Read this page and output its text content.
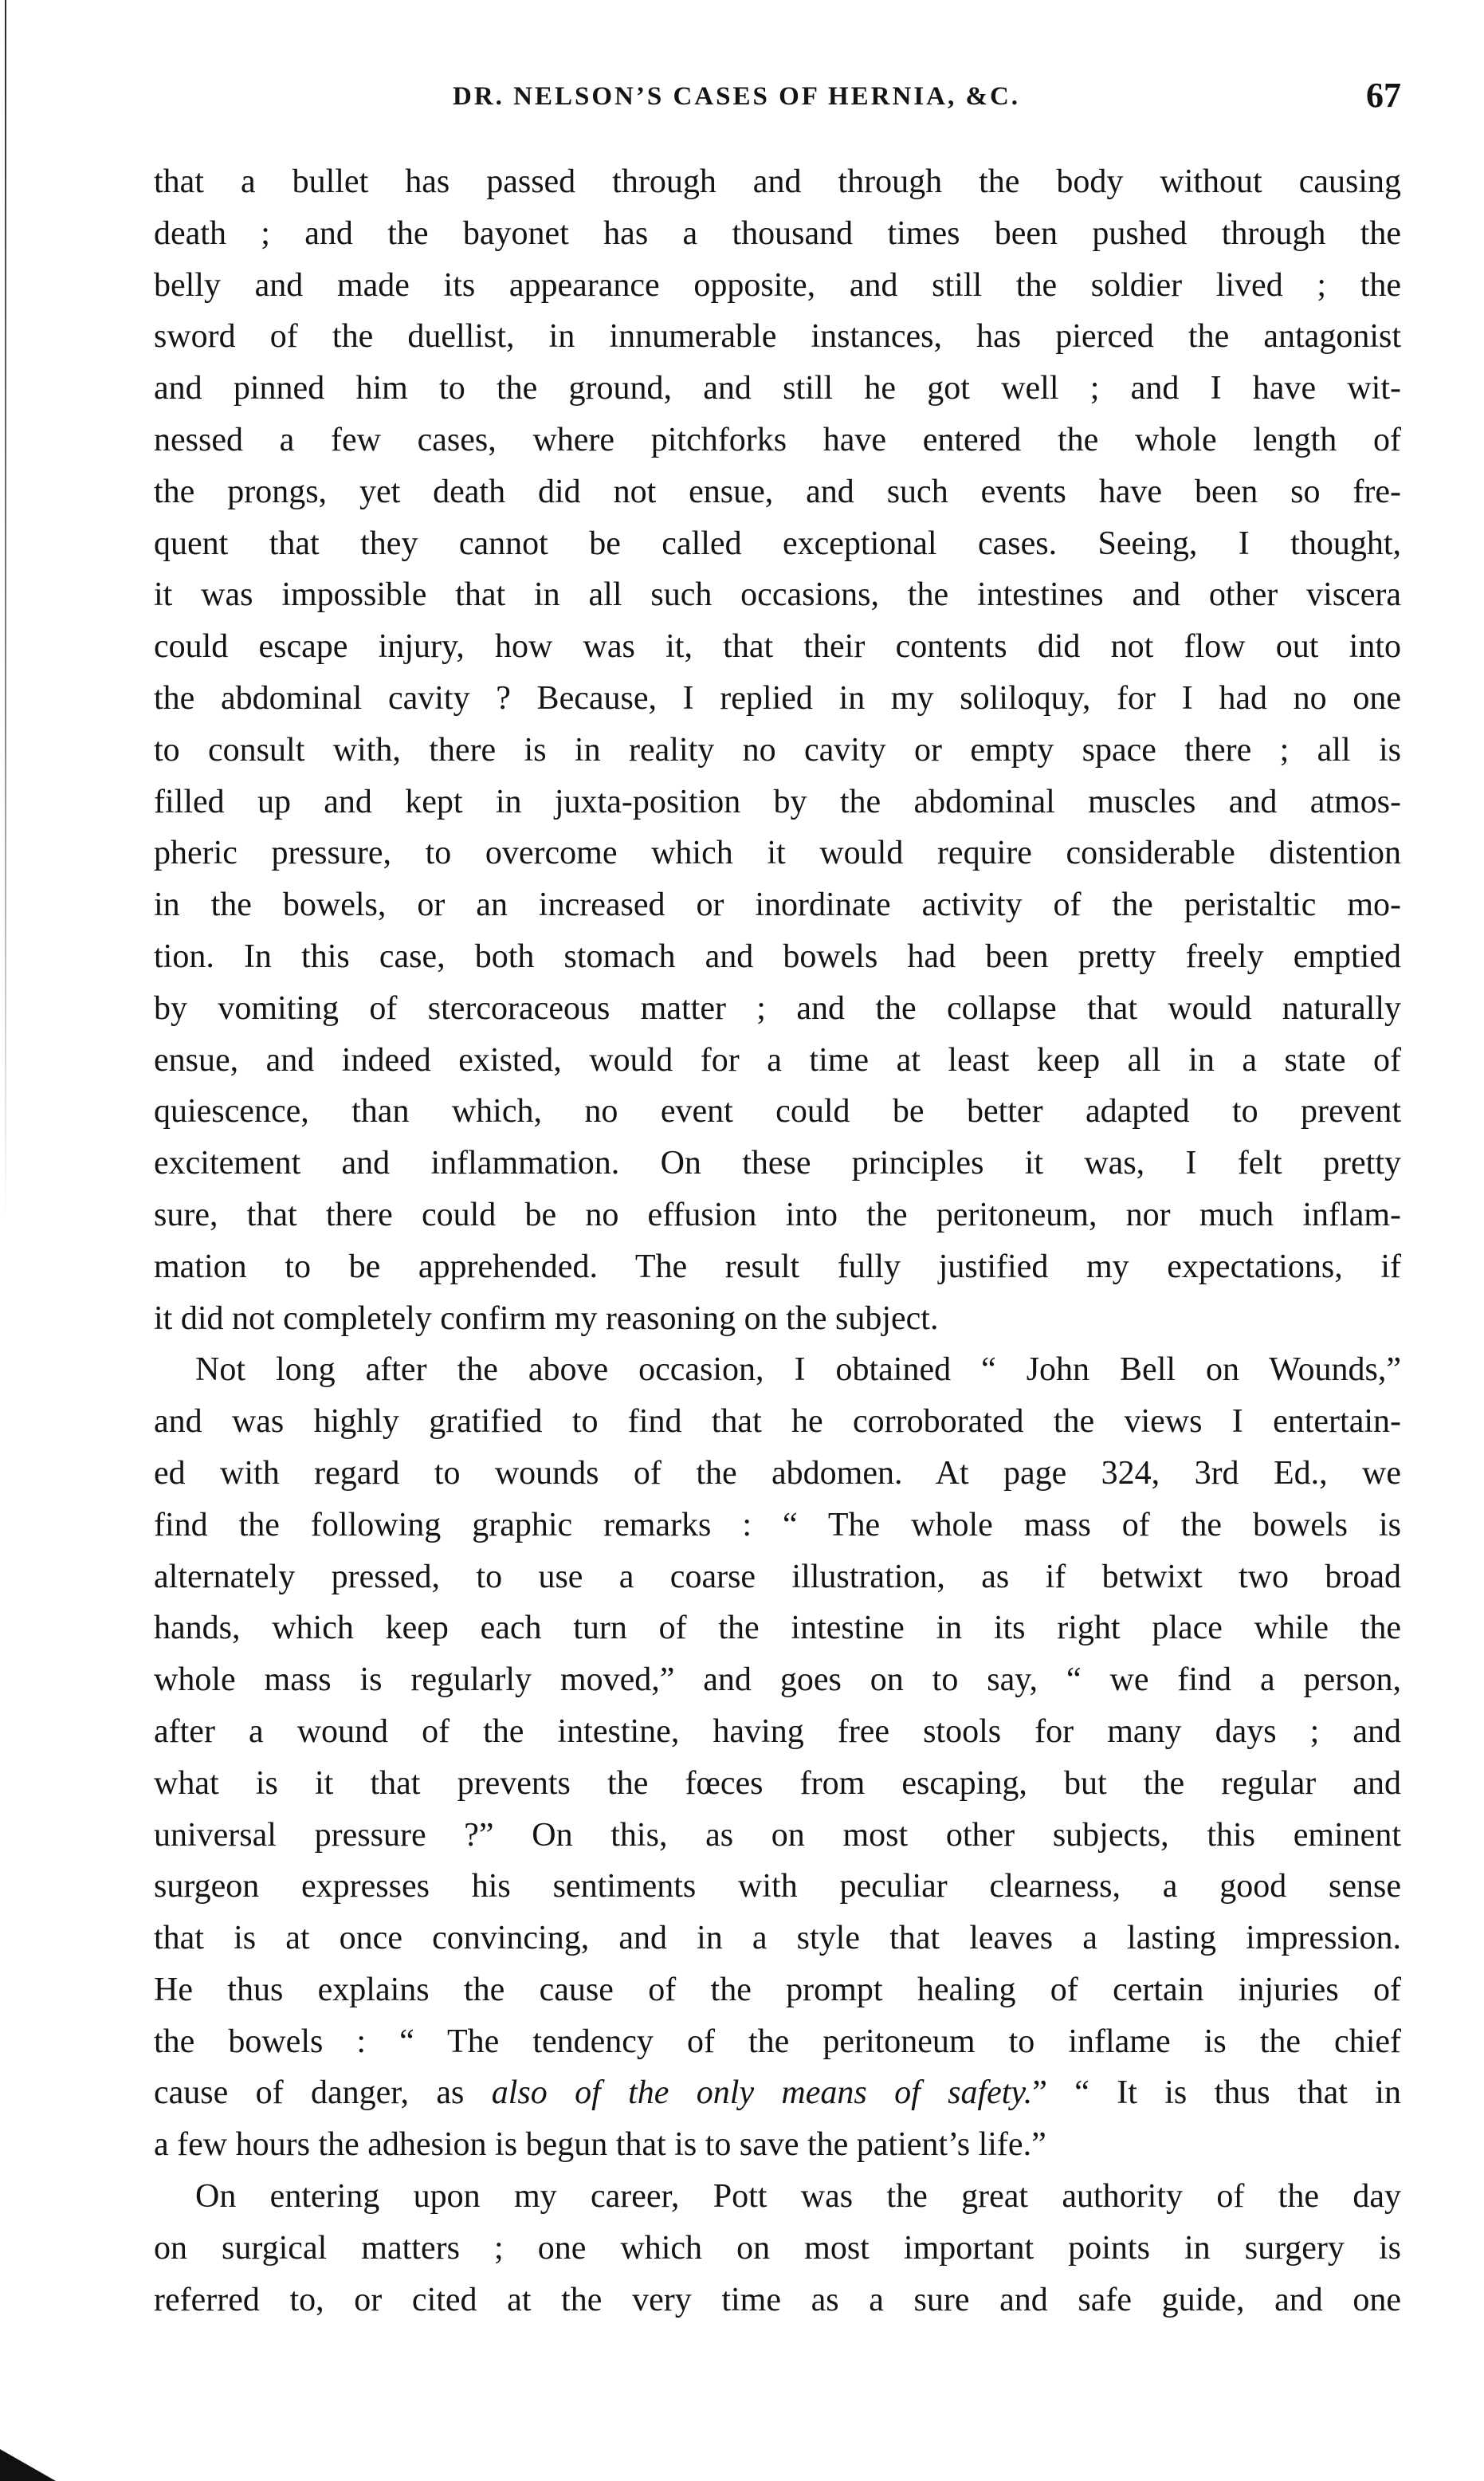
DR. NELSON’S CASES OF HERNIA, &C.	67
that a bullet has passed through and through the body without causing
death ; and the bayonet has a thousand times been pushed through the
belly and made its appearance opposite, and still the soldier lived ; the
sword of the duellist, in innumerable instances, has pierced the antagonist
and pinned him to the ground, and still he got well ; and I have wit-
nessed a few cases, where pitchforks have entered the whole length of
the prongs, yet death did not ensue, and such events have been so fre-
quent that they cannot be called exceptional cases. Seeing, I thought,
it was impossible that in all such occasions, the intestines and other viscera
could escape injury, how was it, that their contents did not flow out into
the abdominal cavity ? Because, I replied in my soliloquy, for I had no one
to consult with, there is in reality no cavity or empty space there ; all is
filled up and kept in juxta-position by the abdominal muscles and atmos-
pheric pressure, to overcome which it would require considerable distention
in the bowels, or an increased or inordinate activity of the peristaltic mo-
tion. In this case, both stomach and bowels had been pretty freely emptied
by vomiting of stercoraceous matter ; and the collapse that would naturally
ensue, and indeed existed, would for a time at least keep all in a state of
quiescence, than which, no event could be better adapted to prevent
excitement and inflammation. On these principles it was, I felt pretty
sure, that there could be no effusion into the peritoneum, nor much inflam-
mation to be apprehended. The result fully justified my expectations, if
it did not completely confirm my reasoning on the subject.
Not long after the above occasion, I obtained “ John Bell on Wounds,”
and was highly gratified to find that he corroborated the views I entertain-
ed with regard to wounds of the abdomen. At page 324, 3rd Ed., we
find the following graphic remarks : “ The whole mass of the bowels is
alternately pressed, to use a coarse illustration, as if betwixt two broad
hands, which keep each turn of the intestine in its right place while the
whole mass is regularly moved,” and goes on to say, “ we find a person,
after a wound of the intestine, having free stools for many days ; and
what is it that prevents the fœces from escaping, but the regular and
universal pressure ?” On this, as on most other subjects, this eminent
surgeon expresses his sentiments with peculiar clearness, a good sense
that is at once convincing, and in a style that leaves a lasting impression.
He thus explains the cause of the prompt healing of certain injuries of
the bowels : “ The tendency of the peritoneum to inflame is the chief
cause of danger, as also of the only means of safety.” “ It is thus that in
a few hours the adhesion is begun that is to save the patient’s life.”
On entering upon my career, Pott was the great authority of the day
on surgical matters ; one which on most important points in surgery is
referred to, or cited at the very time as a sure and safe guide, and one
